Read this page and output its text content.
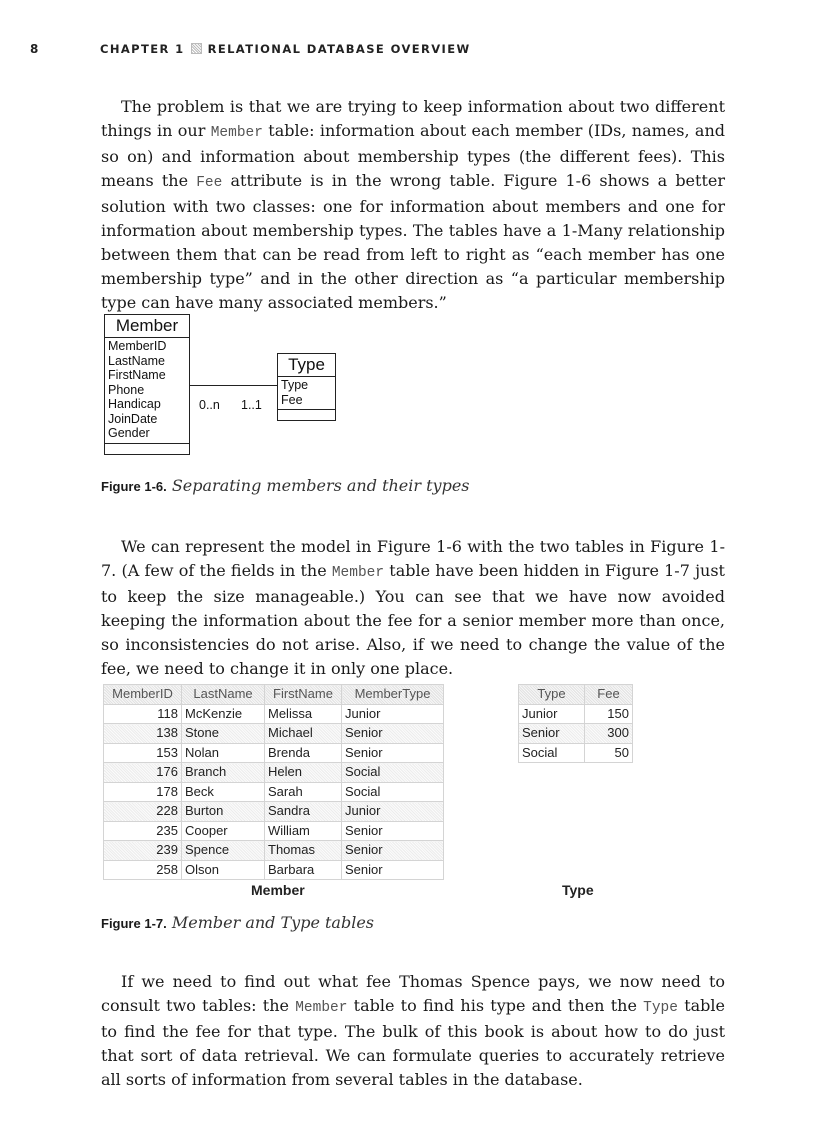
8	CHAPTER 1 RELATIONAL DATABASE OVERVIEW

The problem is that we are trying to keep information about two different things in our Member table: information about each member (IDs, names, and so on) and information about membership types (the different fees). This means the Fee attribute is in the wrong table. Figure 1-6 shows a better solution with two classes: one for information about members and one for information about membership types. The tables have a 1-Many relationship between them that can be read from left to right as “each member has one membership type” and in the other direction as “a particular membership type can have many associated members.”

Member
MemberID
LastName
FirstName
Phone
Handicap
JoinDate
Gender
0..n 1..1
Type
Type
Fee
Figure 1-6. Separating members and their types

We can represent the model in Figure 1-6 with the two tables in Figure 1-7. (A few of the fields in the Member table have been hidden in Figure 1-7 just to keep the size manageable.) You can see that we have now avoided keeping the information about the fee for a senior member more than once, so inconsistencies do not arise. Also, if we need to change the value of the fee, we need to change it in only one place.

MemberID	LastName	FirstName	MemberType
118	McKenzie	Melissa	Junior
138	Stone	Michael	Senior
153	Nolan	Brenda	Senior
176	Branch	Helen	Social
178	Beck	Sarah	Social
228	Burton	Sandra	Junior
235	Cooper	William	Senior
239	Spence	Thomas	Senior
258	Olson	Barbara	Senior
Member
Type	Fee
Junior	150
Senior	300
Social	50
Type
Figure 1-7. Member and Type tables

If we need to find out what fee Thomas Spence pays, we now need to consult two tables: the Member table to find his type and then the Type table to find the fee for that type. The bulk of this book is about how to do just that sort of data retrieval. We can formulate queries to accurately retrieve all sorts of information from several tables in the database.
